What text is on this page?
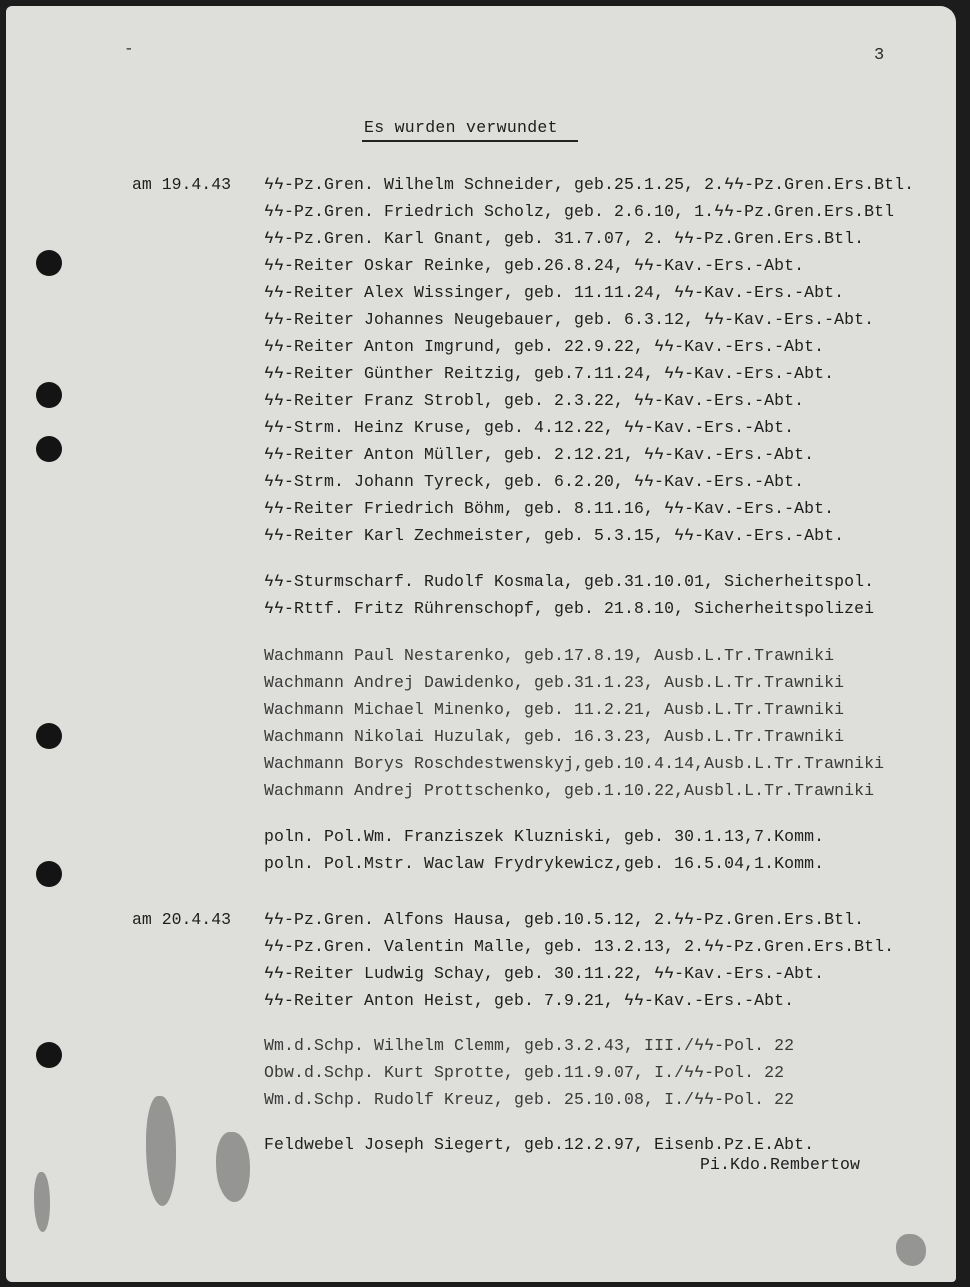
-	3
Es wurden verwundet
am 19.4.43 ϟϟ-Pz.Gren. Wilhelm Schneider, geb.25.1.25, 2.ϟϟ-Pz.Gren.Ers.Btl.
ϟϟ-Pz.Gren. Friedrich Scholz, geb. 2.6.10, 1.ϟϟ-Pz.Gren.Ers.Btl
ϟϟ-Pz.Gren. Karl Gnant, geb. 31.7.07, 2. ϟϟ-Pz.Gren.Ers.Btl.
ϟϟ-Reiter Oskar Reinke, geb.26.8.24, ϟϟ-Kav.-Ers.-Abt.
ϟϟ-Reiter Alex Wissinger, geb. 11.11.24, ϟϟ-Kav.-Ers.-Abt.
ϟϟ-Reiter Johannes Neugebauer, geb. 6.3.12, ϟϟ-Kav.-Ers.-Abt.
ϟϟ-Reiter Anton Imgrund, geb. 22.9.22, ϟϟ-Kav.-Ers.-Abt.
ϟϟ-Reiter Günther Reitzig, geb.7.11.24, ϟϟ-Kav.-Ers.-Abt.
ϟϟ-Reiter Franz Strobl, geb. 2.3.22, ϟϟ-Kav.-Ers.-Abt.
ϟϟ-Strm. Heinz Kruse, geb. 4.12.22, ϟϟ-Kav.-Ers.-Abt.
ϟϟ-Reiter Anton Müller, geb. 2.12.21, ϟϟ-Kav.-Ers.-Abt.
ϟϟ-Strm. Johann Tyreck, geb. 6.2.20, ϟϟ-Kav.-Ers.-Abt.
ϟϟ-Reiter Friedrich Böhm, geb. 8.11.16, ϟϟ-Kav.-Ers.-Abt.
ϟϟ-Reiter Karl Zechmeister, geb. 5.3.15, ϟϟ-Kav.-Ers.-Abt.
ϟϟ-Sturmscharf. Rudolf Kosmala, geb.31.10.01, Sicherheitspol.
ϟϟ-Rttf. Fritz Rührenschopf, geb. 21.8.10, Sicherheitspolizei
Wachmann Paul Nestarenko, geb.17.8.19, Ausb.L.Tr.Trawniki
Wachmann Andrej Dawidenko, geb.31.1.23, Ausb.L.Tr.Trawniki
Wachmann Michael Minenko, geb. 11.2.21, Ausb.L.Tr.Trawniki
Wachmann Nikolai Huzulak, geb. 16.3.23, Ausb.L.Tr.Trawniki
Wachmann Borys Roschdestwenskyj,geb.10.4.14,Ausb.L.Tr.Trawniki
Wachmann Andrej Prottschenko, geb.1.10.22,Ausbl.L.Tr.Trawniki
poln. Pol.Wm. Franziszek Kluzniski, geb. 30.1.13,7.Komm.
poln. Pol.Mstr. Waclaw Frydrykewicz,geb. 16.5.04,1.Komm.
am 20.4.43 ϟϟ-Pz.Gren. Alfons Hausa, geb.10.5.12, 2.ϟϟ-Pz.Gren.Ers.Btl.
ϟϟ-Pz.Gren. Valentin Malle, geb. 13.2.13, 2.ϟϟ-Pz.Gren.Ers.Btl.
ϟϟ-Reiter Ludwig Schay, geb. 30.11.22, ϟϟ-Kav.-Ers.-Abt.
ϟϟ-Reiter Anton Heist, geb. 7.9.21, ϟϟ-Kav.-Ers.-Abt.
Wm.d.Schp. Wilhelm Clemm, geb.3.2.43, III./ϟϟ-Pol. 22
Obw.d.Schp. Kurt Sprotte, geb.11.9.07, I./ϟϟ-Pol. 22
Wm.d.Schp. Rudolf Kreuz, geb. 25.10.08, I./ϟϟ-Pol. 22
Feldwebel Joseph Siegert, geb.12.2.97, Eisenb.Pz.E.Abt.
Pi.Kdo.Rembertow
